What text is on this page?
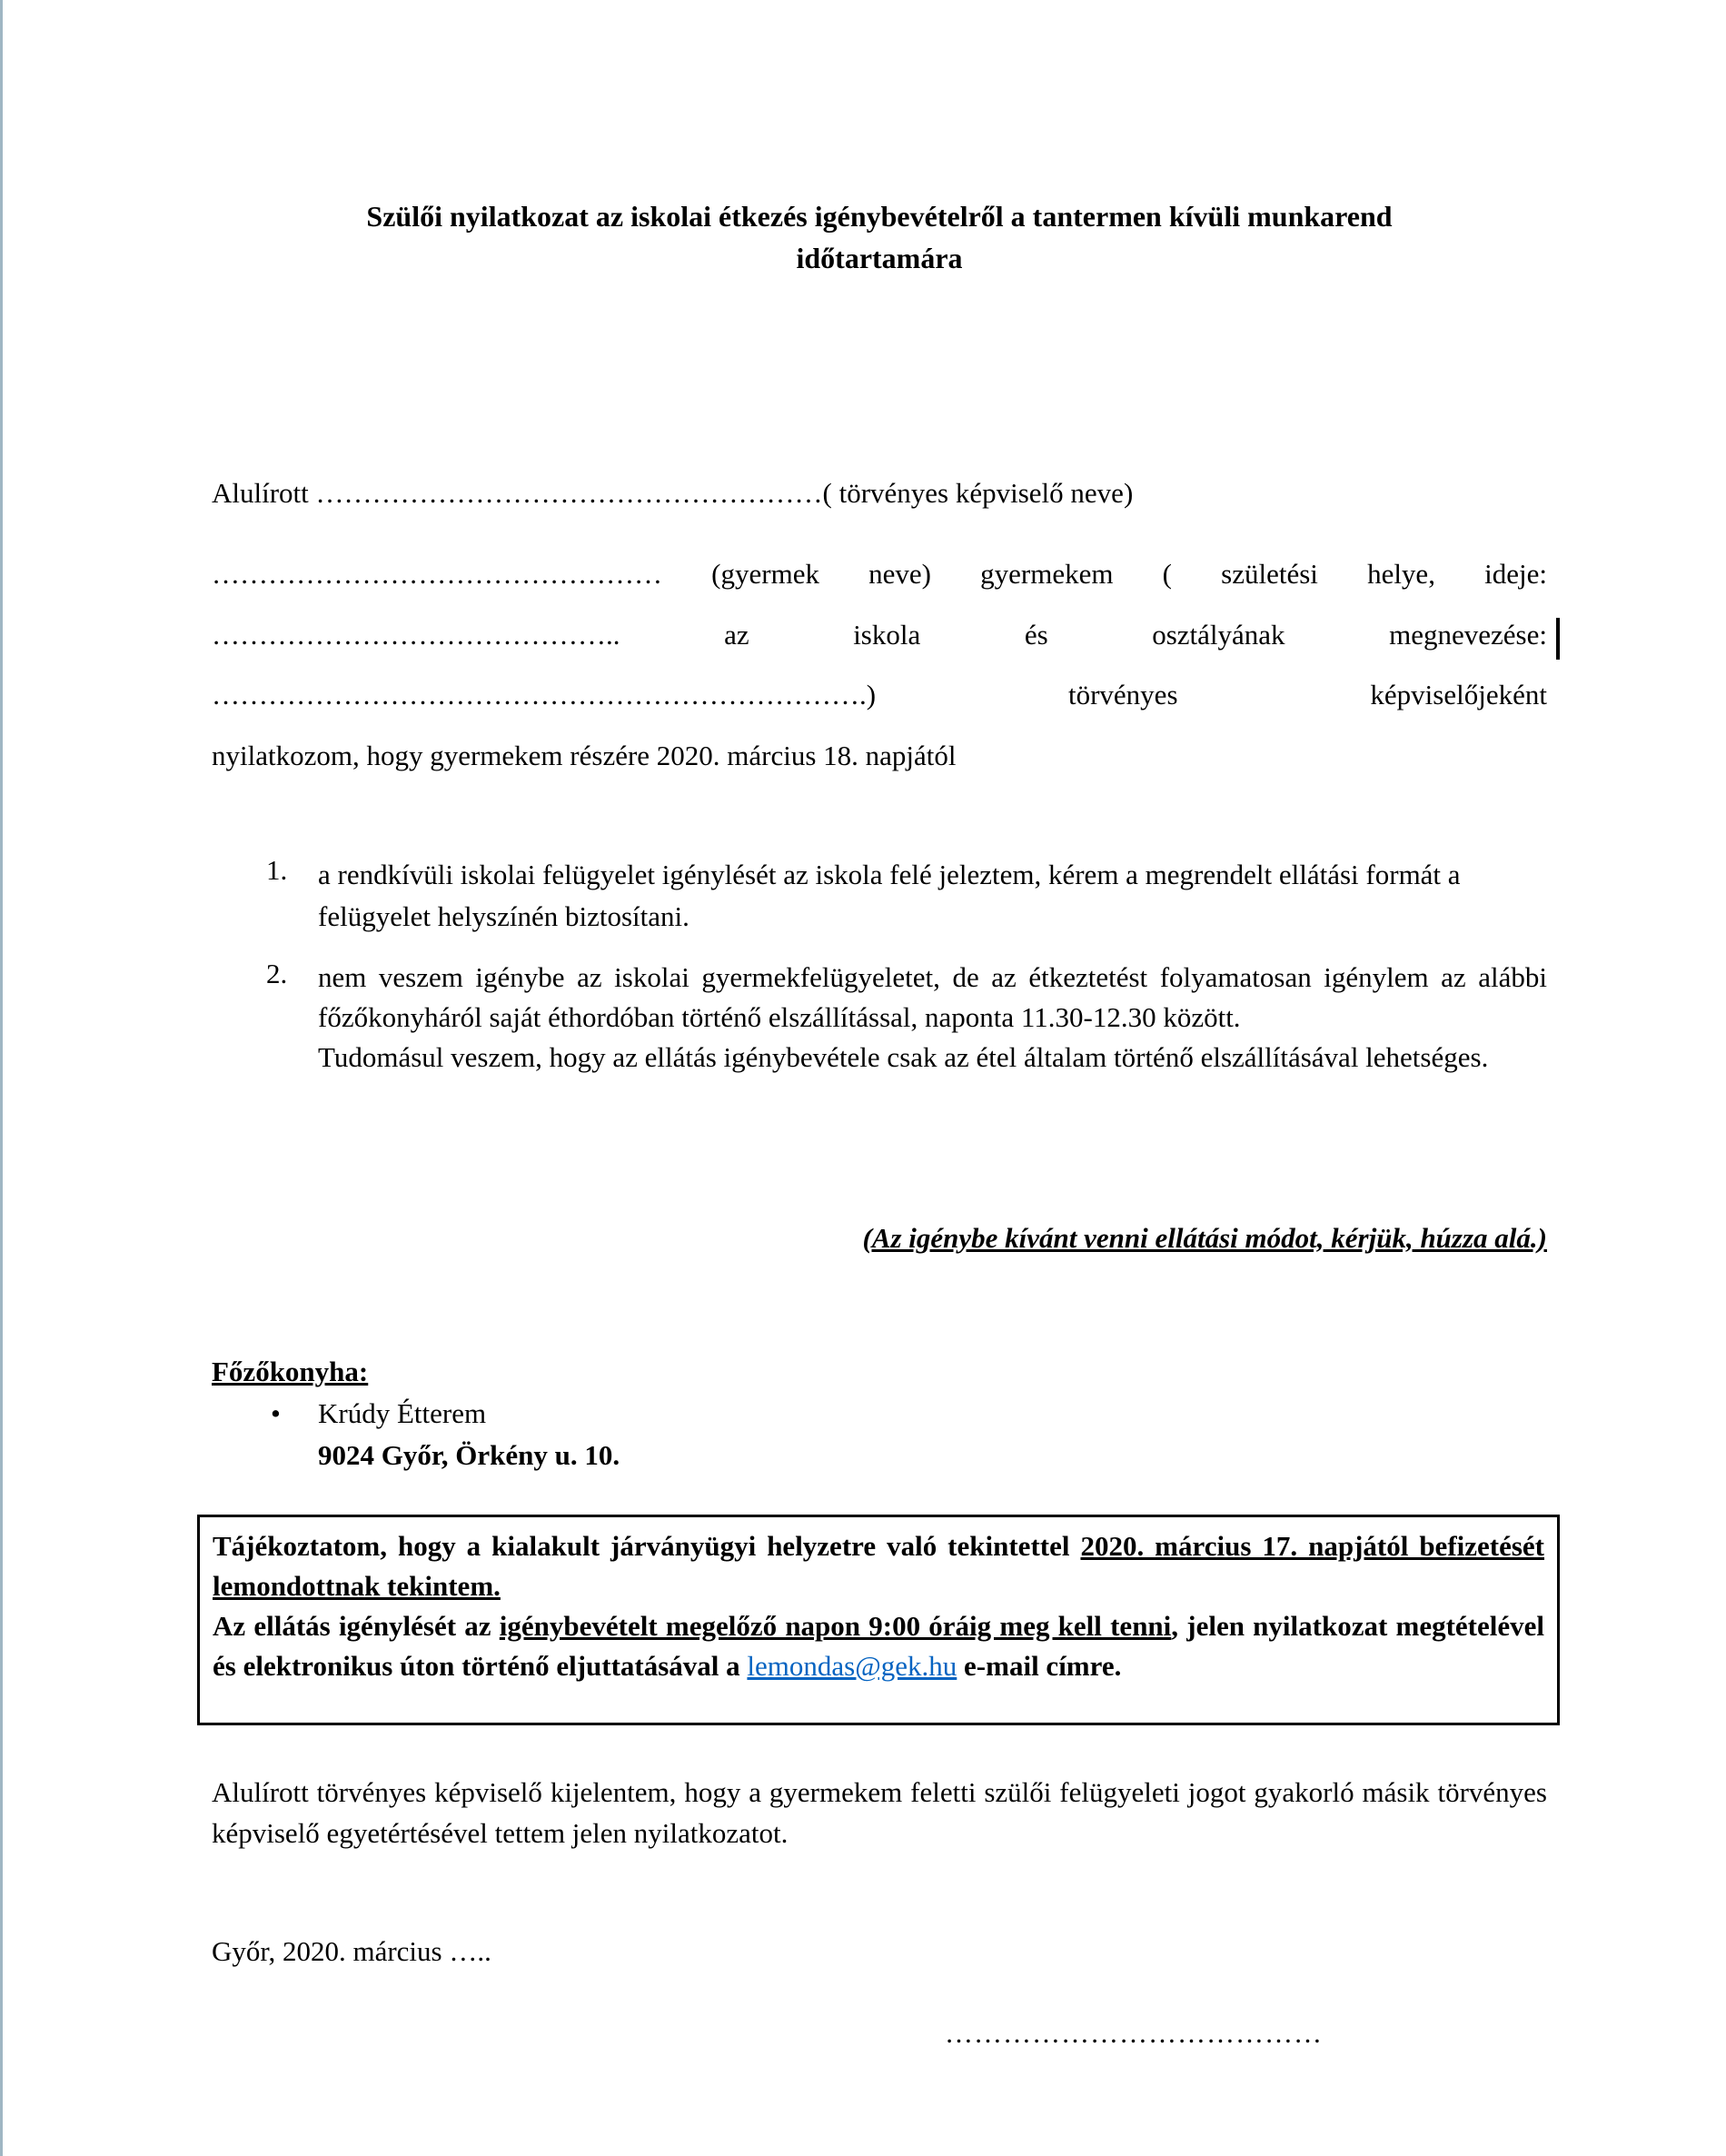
Szülői nyilatkozat az iskolai étkezés igénybevételről a tantermen kívüli munkarend
időtartamára
Alulírott ………………………………………………( törvényes képviselő neve)
………………………………………… (gyermek neve) gyermekem ( születési helye, ideje:
……………………………………..	az	iskola	és	osztályának	megnevezése:
…………………………………………………………….)	törvényes	képviselőjeként
nyilatkozom, hogy gyermekem részére 2020. március 18. napjától
1.	a rendkívüli iskolai felügyelet igénylését az iskola felé jeleztem, kérem a megrendelt ellátási formát a felügyelet helyszínén biztosítani.
2.	nem veszem igénybe az iskolai gyermekfelügyeletet, de az étkeztetést folyamatosan igénylem az alábbi főzőkonyháról saját éthordóban történő elszállítással, naponta 11.30-12.30 között.
Tudomásul veszem, hogy az ellátás igénybevétele csak az étel általam történő elszállításával lehetséges.
(Az igénybe kívánt venni ellátási módot, kérjük, húzza alá.)
Főzőkonyha:
•	Krúdy Étterem
9024 Győr, Örkény u. 10.
Tájékoztatom, hogy a kialakult járványügyi helyzetre való tekintettel 2020. március 17. napjától befizetését lemondottnak tekintem.
Az ellátás igénylését az igénybevételt megelőző napon 9:00 óráig meg kell tenni, jelen nyilatkozat megtételével és elektronikus úton történő eljuttatásával a lemondas@gek.hu e-mail címre.
Alulírott törvényes képviselő kijelentem, hogy a gyermekem feletti szülői felügyeleti jogot gyakorló másik törvényes képviselő egyetértésével tettem jelen nyilatkozatot.
Győr, 2020. március …..
…………………………………
